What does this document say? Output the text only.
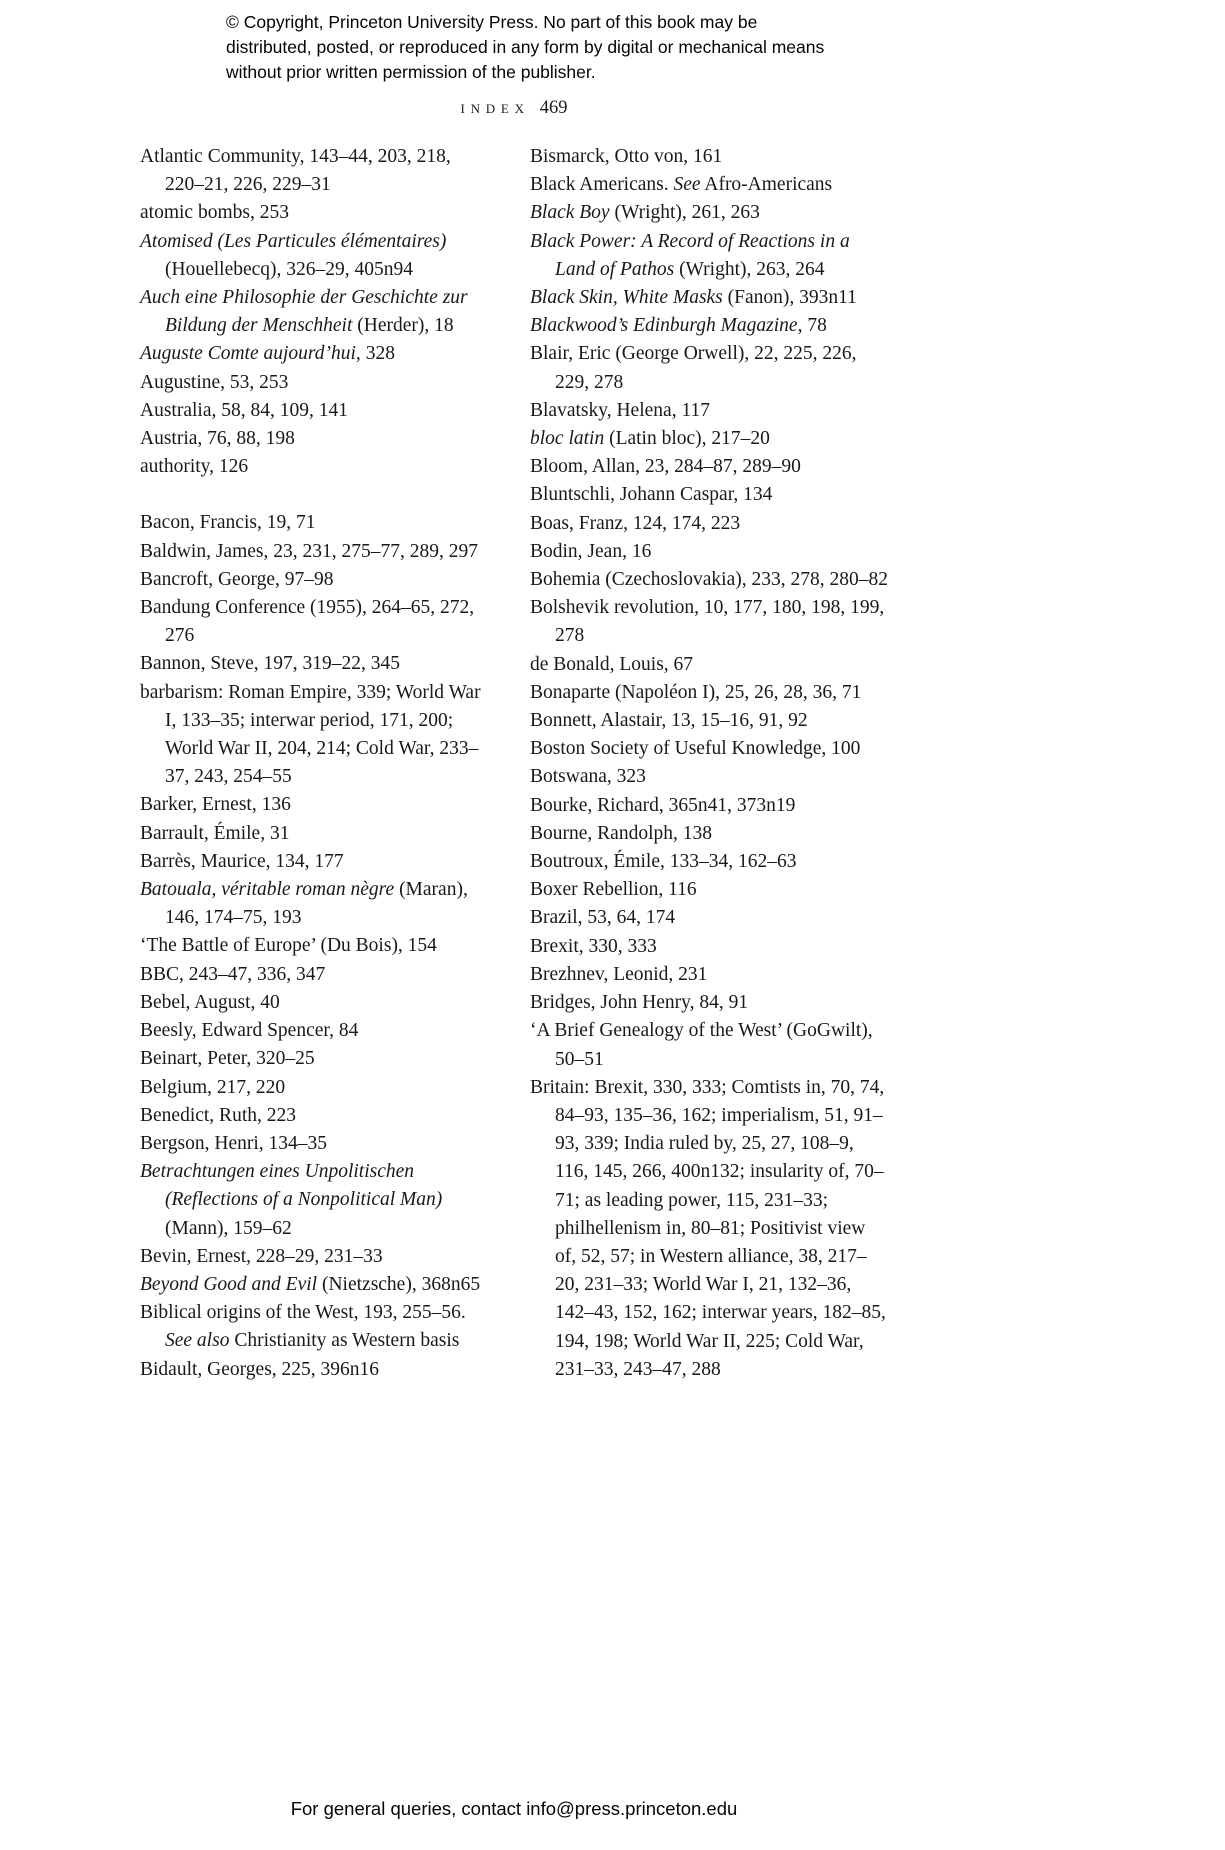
© Copyright, Princeton University Press. No part of this book may be distributed, posted, or reproduced in any form by digital or mechanical means without prior written permission of the publisher.
index 469
Atlantic Community, 143–44, 203, 218, 220–21, 226, 229–31
atomic bombs, 253
Atomised (Les Particules élémentaires) (Houellebecq), 326–29, 405n94
Auch eine Philosophie der Geschichte zur Bildung der Menschheit (Herder), 18
Auguste Comte aujourd’hui, 328
Augustine, 53, 253
Australia, 58, 84, 109, 141
Austria, 76, 88, 198
authority, 126
Bacon, Francis, 19, 71
Baldwin, James, 23, 231, 275–77, 289, 297
Bancroft, George, 97–98
Bandung Conference (1955), 264–65, 272, 276
Bannon, Steve, 197, 319–22, 345
barbarism: Roman Empire, 339; World War I, 133–35; interwar period, 171, 200; World War II, 204, 214; Cold War, 233–37, 243, 254–55
Barker, Ernest, 136
Barrault, Émile, 31
Barrès, Maurice, 134, 177
Batouala, véritable roman nègre (Maran), 146, 174–75, 193
‘The Battle of Europe’ (Du Bois), 154
BBC, 243–47, 336, 347
Bebel, August, 40
Beesly, Edward Spencer, 84
Beinart, Peter, 320–25
Belgium, 217, 220
Benedict, Ruth, 223
Bergson, Henri, 134–35
Betrachtungen eines Unpolitischen (Reflections of a Nonpolitical Man) (Mann), 159–62
Bevin, Ernest, 228–29, 231–33
Beyond Good and Evil (Nietzsche), 368n65
Biblical origins of the West, 193, 255–56. See also Christianity as Western basis
Bidault, Georges, 225, 396n16
Bismarck, Otto von, 161
Black Americans. See Afro-Americans
Black Boy (Wright), 261, 263
Black Power: A Record of Reactions in a Land of Pathos (Wright), 263, 264
Black Skin, White Masks (Fanon), 393n11
Blackwood’s Edinburgh Magazine, 78
Blair, Eric (George Orwell), 22, 225, 226, 229, 278
Blavatsky, Helena, 117
bloc latin (Latin bloc), 217–20
Bloom, Allan, 23, 284–87, 289–90
Bluntschli, Johann Caspar, 134
Boas, Franz, 124, 174, 223
Bodin, Jean, 16
Bohemia (Czechoslovakia), 233, 278, 280–82
Bolshevik revolution, 10, 177, 180, 198, 199, 278
de Bonald, Louis, 67
Bonaparte (Napoléon I), 25, 26, 28, 36, 71
Bonnett, Alastair, 13, 15–16, 91, 92
Boston Society of Useful Knowledge, 100
Botswana, 323
Bourke, Richard, 365n41, 373n19
Bourne, Randolph, 138
Boutroux, Émile, 133–34, 162–63
Boxer Rebellion, 116
Brazil, 53, 64, 174
Brexit, 330, 333
Brezhnev, Leonid, 231
Bridges, John Henry, 84, 91
‘A Brief Genealogy of the West’ (GoGwilt), 50–51
Britain: Brexit, 330, 333; Comtists in, 70, 74, 84–93, 135–36, 162; imperialism, 51, 91–93, 339; India ruled by, 25, 27, 108–9, 116, 145, 266, 400n132; insularity of, 70–71; as leading power, 115, 231–33; philhellenism in, 80–81; Positivist view of, 52, 57; in Western alliance, 38, 217–20, 231–33; World War I, 21, 132–36, 142–43, 152, 162; interwar years, 182–85, 194, 198; World War II, 225; Cold War, 231–33, 243–47, 288
For general queries, contact info@press.princeton.edu
